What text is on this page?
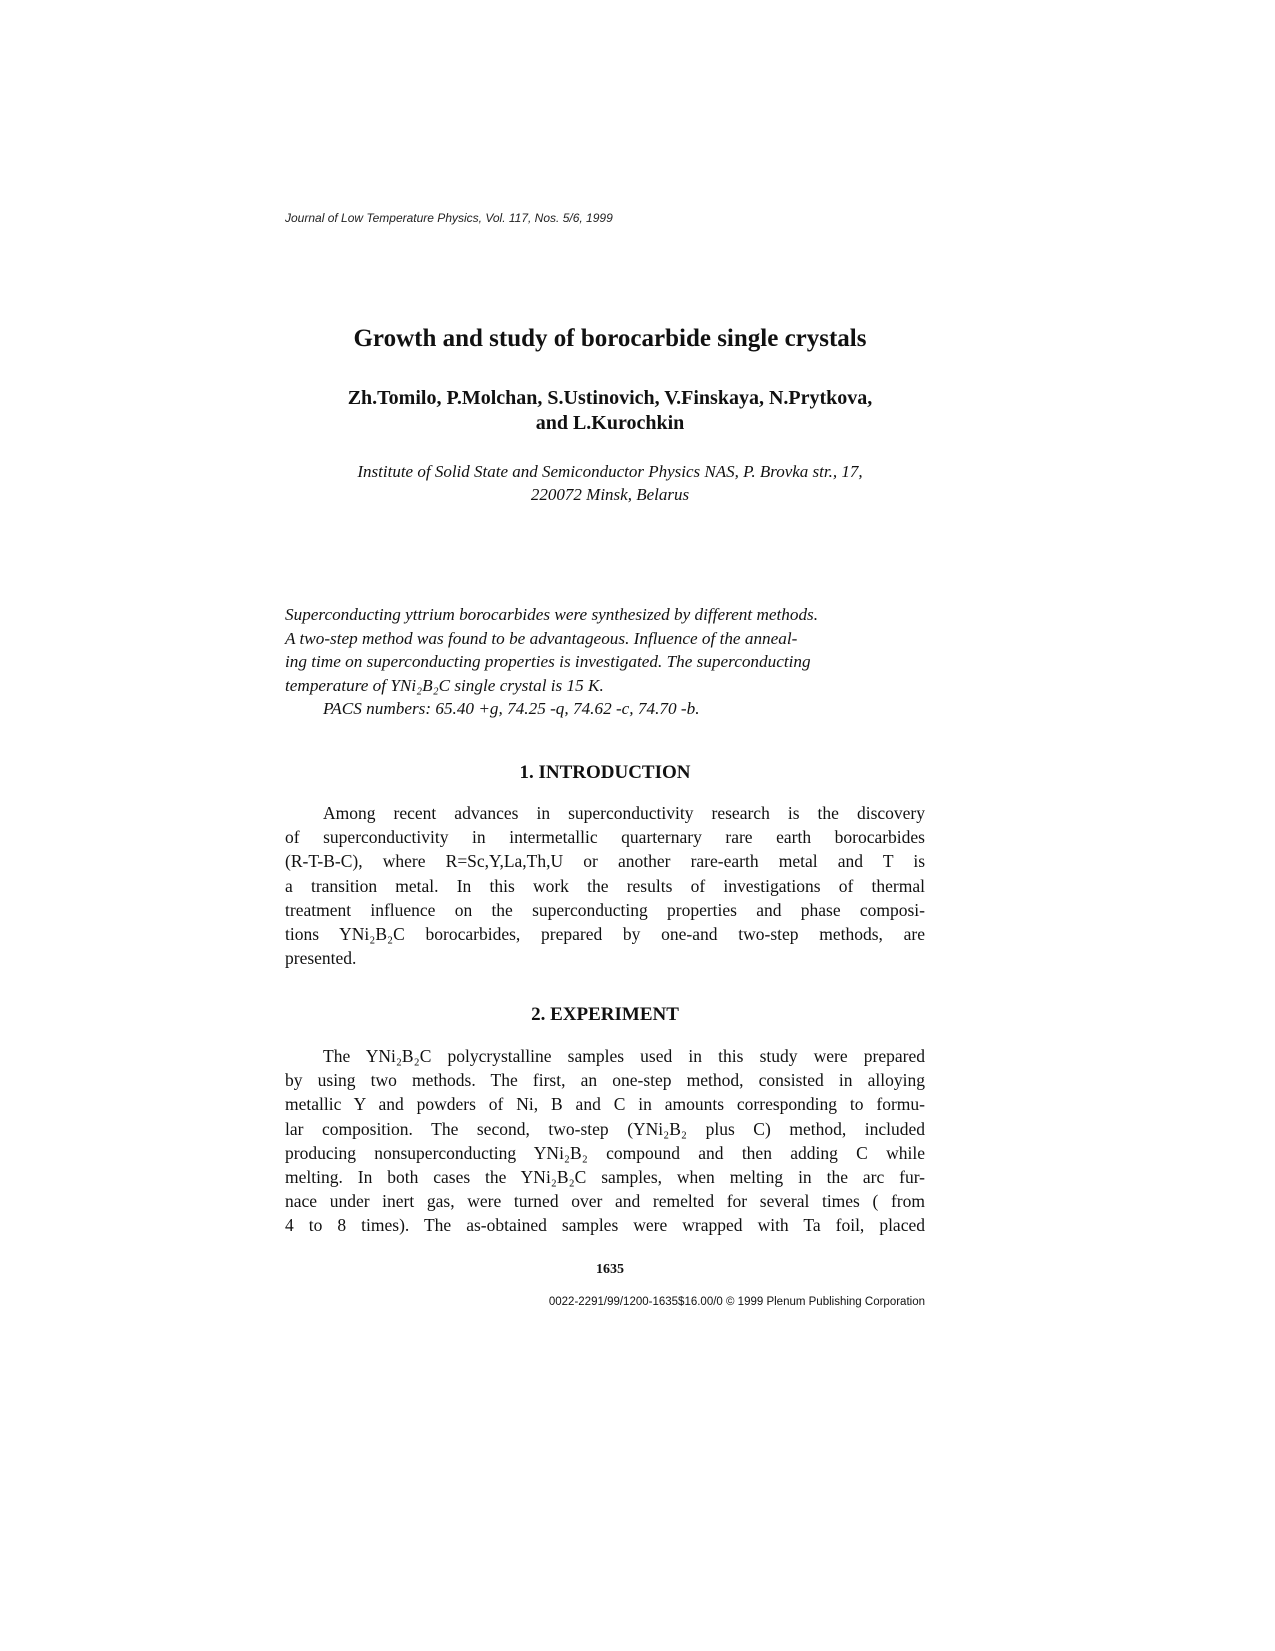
Journal of Low Temperature Physics, Vol. 117, Nos. 5/6, 1999
Growth and study of borocarbide single crystals
Zh.Tomilo, P.Molchan, S.Ustinovich, V.Finskaya, N.Prytkova,
and L.Kurochkin
Institute of Solid State and Semiconductor Physics NAS, P. Brovka str., 17,
220072 Minsk, Belarus
Superconducting yttrium borocarbides were synthesized by different methods.
A two-step method was found to be advantageous. Influence of the anneal-
ing time on superconducting properties is investigated. The superconducting
temperature of YNi₂B₂C single crystal is 15 K.
PACS numbers: 65.40 +g, 74.25 -q, 74.62 -c, 74.70 -b.
1. INTRODUCTION
Among recent advances in superconductivity research is the discovery
of superconductivity in intermetallic quarternary rare earth borocarbides
(R-T-B-C), where R=Sc,Y,La,Th,U or another rare-earth metal and T is
a transition metal. In this work the results of investigations of thermal
treatment influence on the superconducting properties and phase composi-
tions YNi₂B₂C borocarbides, prepared by one-and two-step methods, are
presented.
2. EXPERIMENT
The YNi₂B₂C polycrystalline samples used in this study were prepared
by using two methods. The first, an one-step method, consisted in alloying
metallic Y and powders of Ni, B and C in amounts corresponding to formu-
lar composition. The second, two-step (YNi₂B₂ plus C) method, included
producing nonsuperconducting YNi₂B₂ compound and then adding C while
melting. In both cases the YNi₂B₂C samples, when melting in the arc fur-
nace under inert gas, were turned over and remelted for several times ( from
4 to 8 times). The as-obtained samples were wrapped with Ta foil, placed
1635
0022-2291/99/1200-1635$16.00/0 © 1999 Plenum Publishing Corporation
